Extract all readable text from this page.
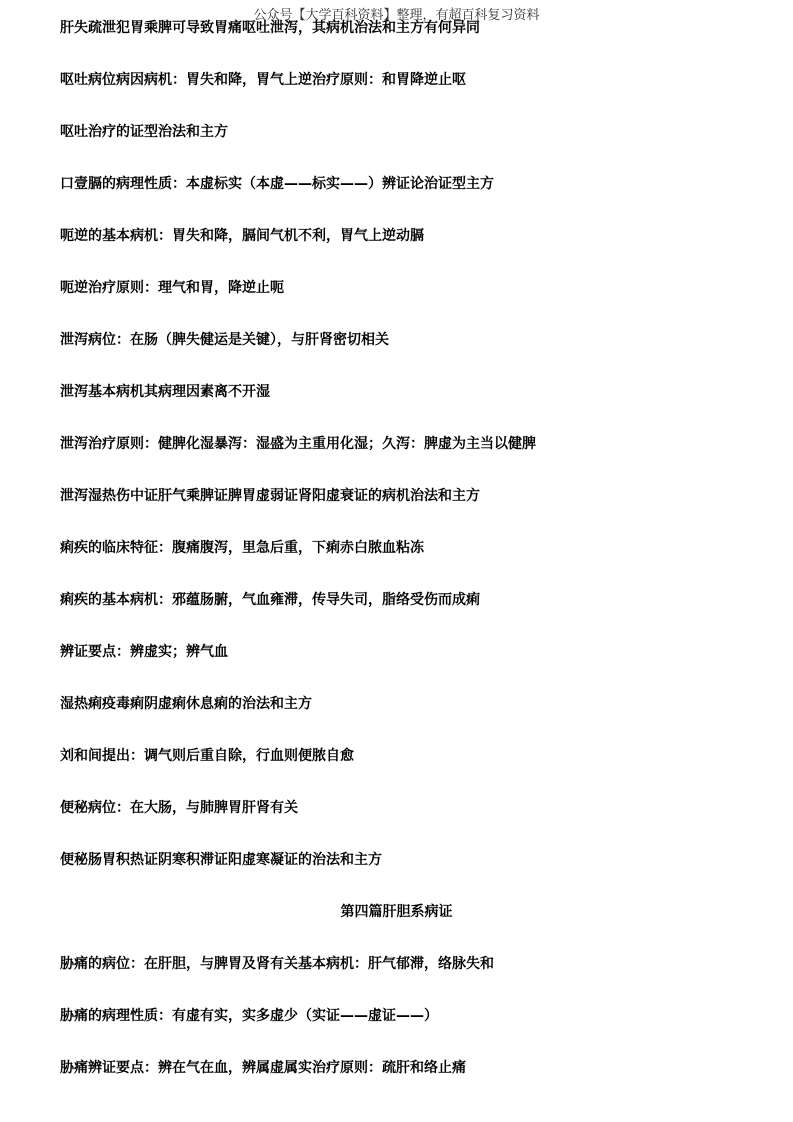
公众号【大学百科资料】整理，有超百科复习资料
肝失疏泄犯胃乘脾可导致胃痛呕吐泄泻，其病机治法和主方有何异同
呕吐病位病因病机：胃失和降，胃气上逆治疗原则：和胃降逆止呕
呕吐治疗的证型治法和主方
口壹膈的病理性质：本虚标实（本虚——标实——）辨证论治证型主方
呃逆的基本病机：胃失和降，膈间气机不利，胃气上逆动膈
呃逆治疗原则：理气和胃，降逆止呃
泄泻病位：在肠（脾失健运是关键），与肝肾密切相关
泄泻基本病机其病理因素离不开湿
泄泻治疗原则：健脾化湿暴泻：湿盛为主重用化湿；久泻：脾虚为主当以健脾
泄泻湿热伤中证肝气乘脾证脾胃虚弱证肾阳虚衰证的病机治法和主方
痢疾的临床特征：腹痛腹泻，里急后重，下痢赤白脓血粘冻
痢疾的基本病机：邪蕴肠腑，气血雍滞，传导失司，脂络受伤而成痢
辨证要点：辨虚实；辨气血
湿热痢疫毒痢阴虚痢休息痢的治法和主方
刘和间提出：调气则后重自除，行血则便脓自愈
便秘病位：在大肠，与肺脾胃肝肾有关
便秘肠胃积热证阴寒积滞证阳虚寒凝证的治法和主方
第四篇肝胆系病证
胁痛的病位：在肝胆，与脾胃及肾有关基本病机：肝气郁滞，络脉失和
胁痛的病理性质：有虚有实，实多虚少（实证——虚证——）
胁痛辨证要点：辨在气在血，辨属虚属实治疗原则：疏肝和络止痛
